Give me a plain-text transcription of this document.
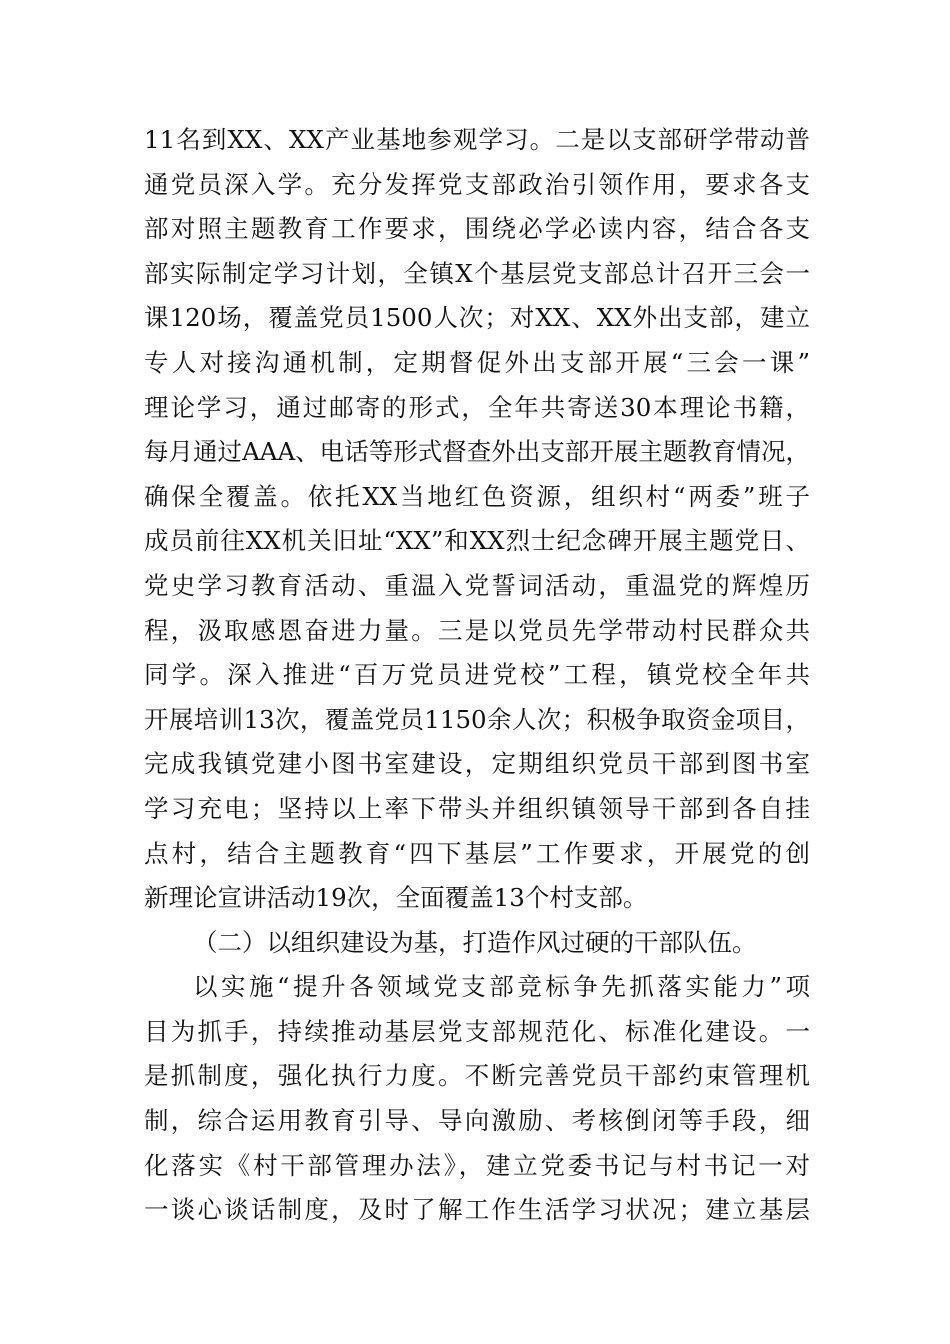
11名到XX、XX产业基地参观学习。二是以支部研学带动普
通党员深入学。充分发挥党支部政治引领作用，要求各支
部对照主题教育工作要求，围绕必学必读内容，结合各支
部实际制定学习计划，全镇X个基层党支部总计召开三会一
课120场，覆盖党员1500人次；对XX、XX外出支部，建立
专人对接沟通机制，定期督促外出支部开展“三会一课”
理论学习，通过邮寄的形式，全年共寄送30本理论书籍，
每月通过AAA、电话等形式督查外出支部开展主题教育情况，
确保全覆盖。依托XX当地红色资源，组织村“两委”班子
成员前往XX机关旧址“XX”和XX烈士纪念碑开展主题党日、
党史学习教育活动、重温入党誓词活动，重温党的辉煌历
程，汲取感恩奋进力量。三是以党员先学带动村民群众共
同学。深入推进“百万党员进党校”工程，镇党校全年共
开展培训13次，覆盖党员1150余人次；积极争取资金项目，
完成我镇党建小图书室建设，定期组织党员干部到图书室
学习充电；坚持以上率下带头并组织镇领导干部到各自挂
点村，结合主题教育“四下基层”工作要求，开展党的创
新理论宣讲活动19次，全面覆盖13个村支部。
（二）以组织建设为基，打造作风过硬的干部队伍。
以实施“提升各领域党支部竞标争先抓落实能力”项
目为抓手，持续推动基层党支部规范化、标准化建设。一
是抓制度，强化执行力度。不断完善党员干部约束管理机
制，综合运用教育引导、导向激励、考核倒闭等手段，细
化落实《村干部管理办法》，建立党委书记与村书记一对
一谈心谈话制度，及时了解工作生活学习状况；建立基层
